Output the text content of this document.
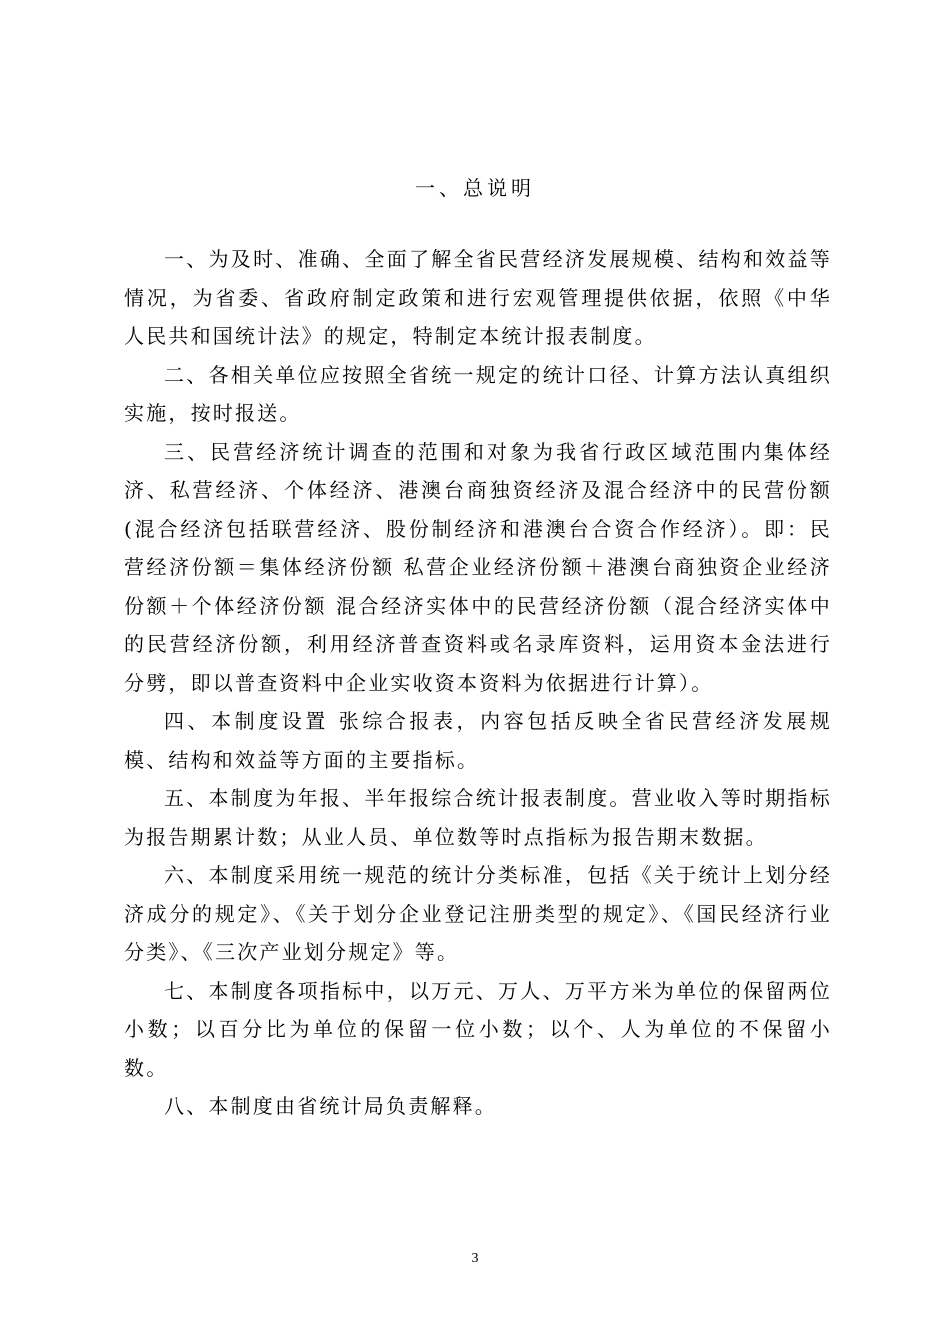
一、总说明

一、为及时、准确、全面了解全省民营经济发展规模、结构和效益等情况，为省委、省政府制定政策和进行宏观管理提供依据，依照《中华人民共和国统计法》的规定，特制定本统计报表制度。

二、各相关单位应按照全省统一规定的统计口径、计算方法认真组织实施，按时报送。

三、民营经济统计调查的范围和对象为我省行政区域范围内集体经济、私营经济、个体经济、港澳台商独资经济及混合经济中的民营份额(混合经济包括联营经济、股份制经济和港澳台合资合作经济）。即：民营经济份额＝集体经济份额 私营企业经济份额＋港澳台商独资企业经济份额＋个体经济份额 混合经济实体中的民营经济份额（混合经济实体中的民营经济份额，利用经济普查资料或名录库资料，运用资本金法进行分劈，即以普查资料中企业实收资本资料为依据进行计算）。

四、本制度设置 张综合报表，内容包括反映全省民营经济发展规模、结构和效益等方面的主要指标。

五、本制度为年报、半年报综合统计报表制度。营业收入等时期指标为报告期累计数；从业人员、单位数等时点指标为报告期末数据。

六、本制度采用统一规范的统计分类标准，包括《关于统计上划分经济成分的规定》、《关于划分企业登记注册类型的规定》、《国民经济行业分类》、《三次产业划分规定》等。

七、本制度各项指标中，以万元、万人、万平方米为单位的保留两位小数；以百分比为单位的保留一位小数；以个、人为单位的不保留小数。

八、本制度由省统计局负责解释。

3
